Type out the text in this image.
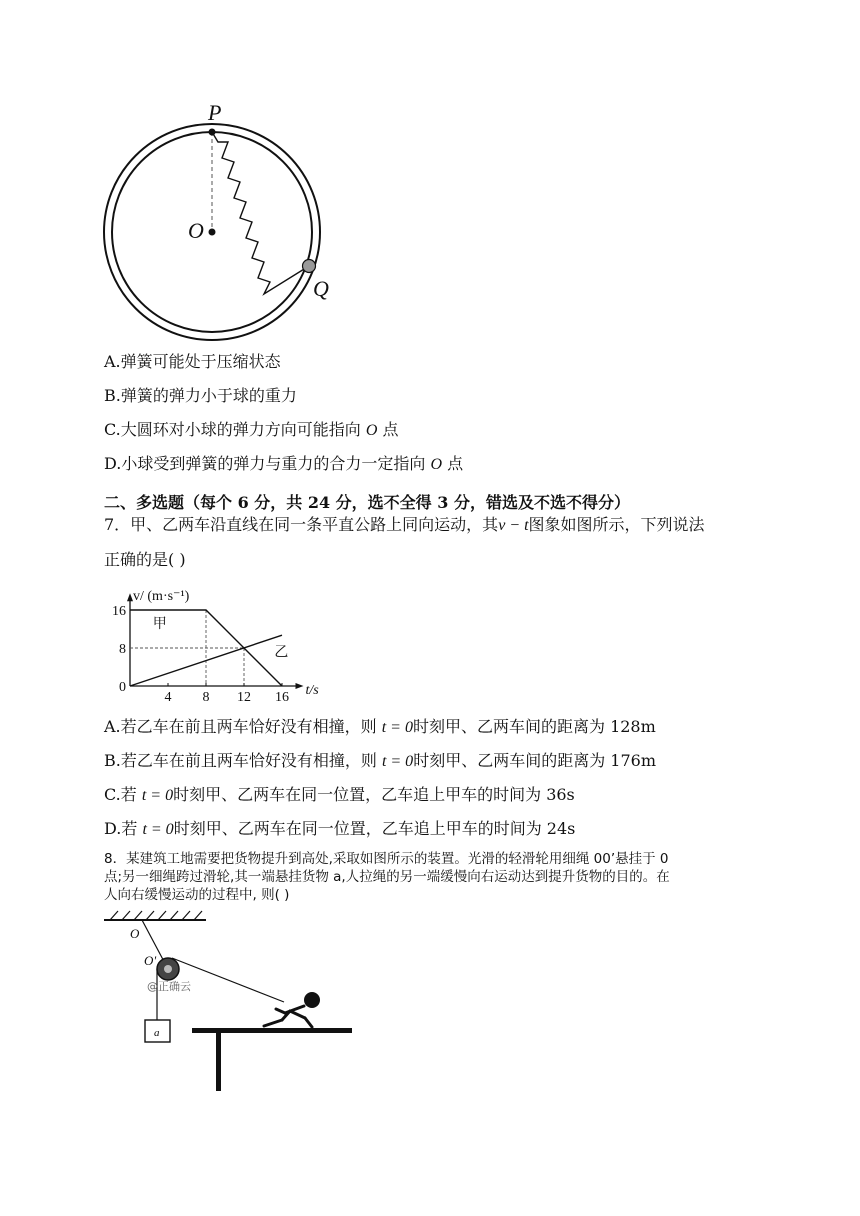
P
O
Q
A.弹簧可能处于压缩状态
B.弹簧的弹力小于球的重力
C.大圆环对小球的弹力方向可能指向 O 点
D.小球受到弹簧的弹力与重力的合力一定指向 O 点
二、多选题（每个 6 分，共 24 分，选不全得 3 分，错选及不选不得分）
7．甲、乙两车沿直线在同一条平直公路上同向运动，其v − t图象如图所示，下列说法
正确的是( )
甲
乙
16
8
0
4 8 12 16
v/ (m·s⁻¹)
t/s
A.若乙车在前且两车恰好没有相撞，则 t = 0时刻甲、乙两车间的距离为 128m
B.若乙车在前且两车恰好没有相撞，则 t = 0时刻甲、乙两车间的距离为 176m
C.若 t = 0时刻甲、乙两车在同一位置，乙车追上甲车的时间为 36s
D.若 t = 0时刻甲、乙两车在同一位置，乙车追上甲车的时间为 24s
8．某建筑工地需要把货物提升到高处,采取如图所示的装置。光滑的轻滑轮用细绳 00’悬挂于 0
点;另一细绳跨过滑轮,其一端悬挂货物 a,人拉绳的另一端缓慢向右运动达到提升货物的目的。在
人向右缓慢运动的过程中, 则( )
O
O'
@正确云
a
